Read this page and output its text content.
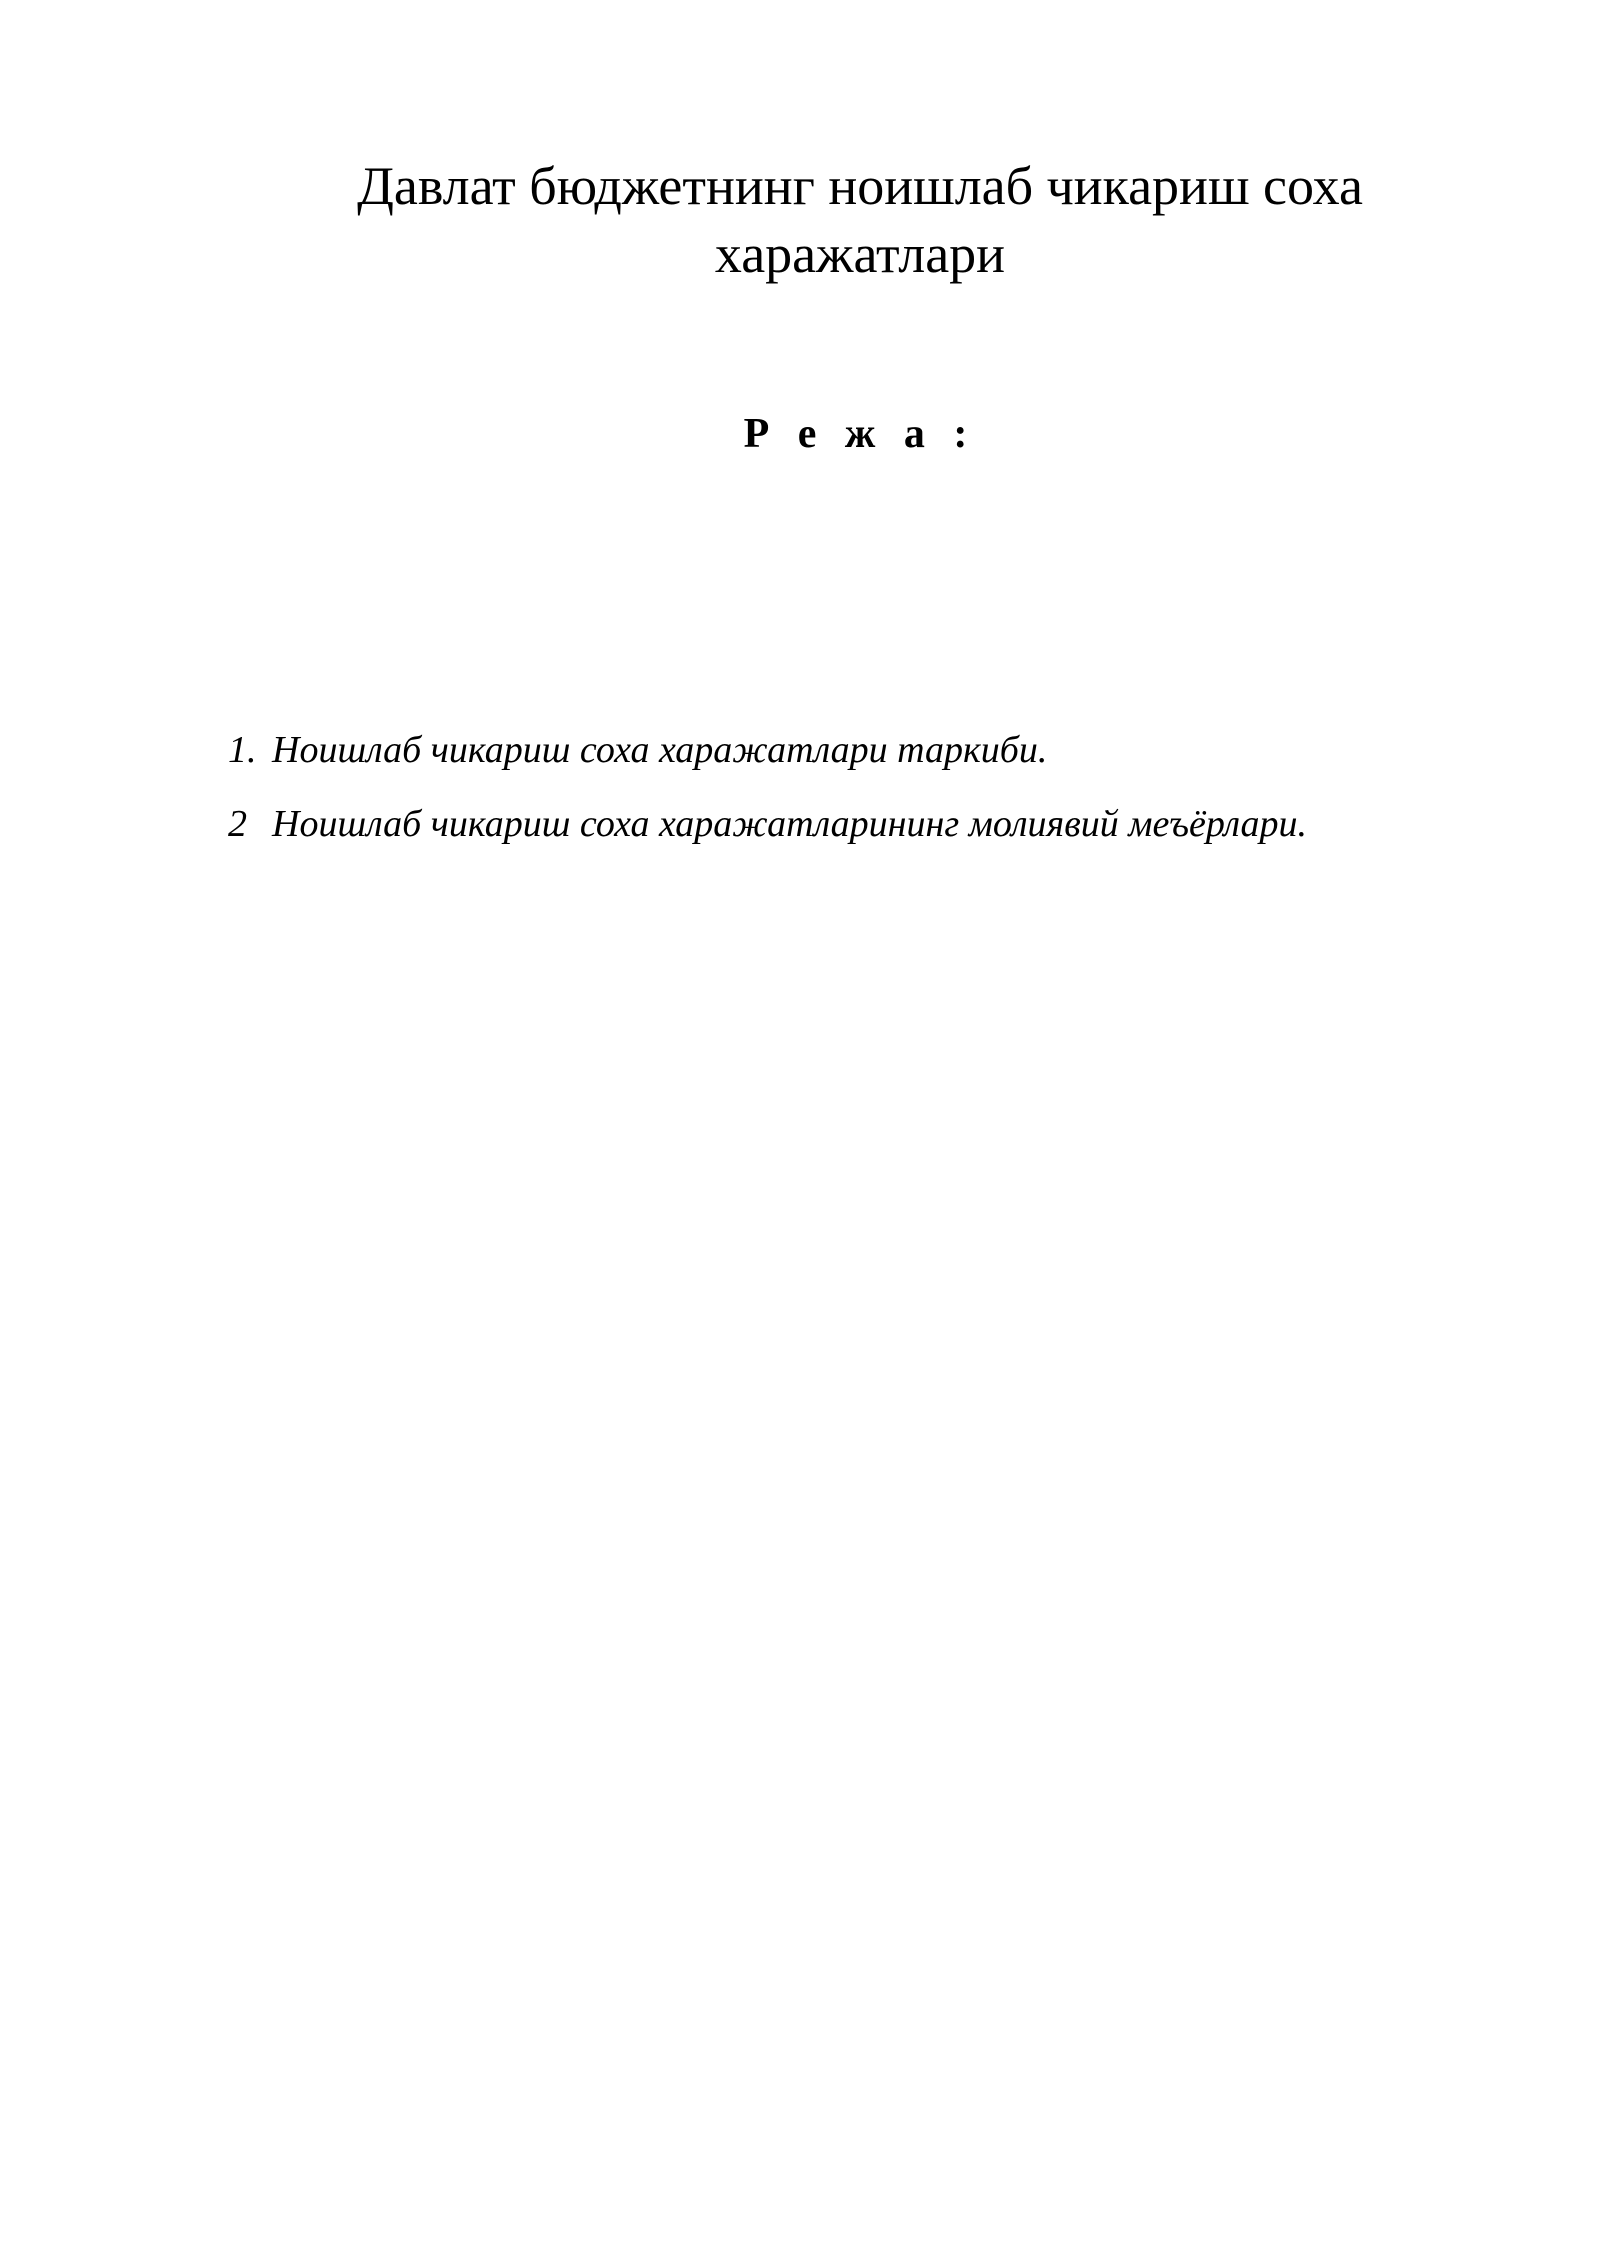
Давлат бюджетнинг ноишлаб чикариш соха
харажатлари
Р е ж а :
1. Ноишлаб чикариш соха харажатлари таркиби.
2 Ноишлаб чикариш соха харажатларининг молиявий меъёрлари.
